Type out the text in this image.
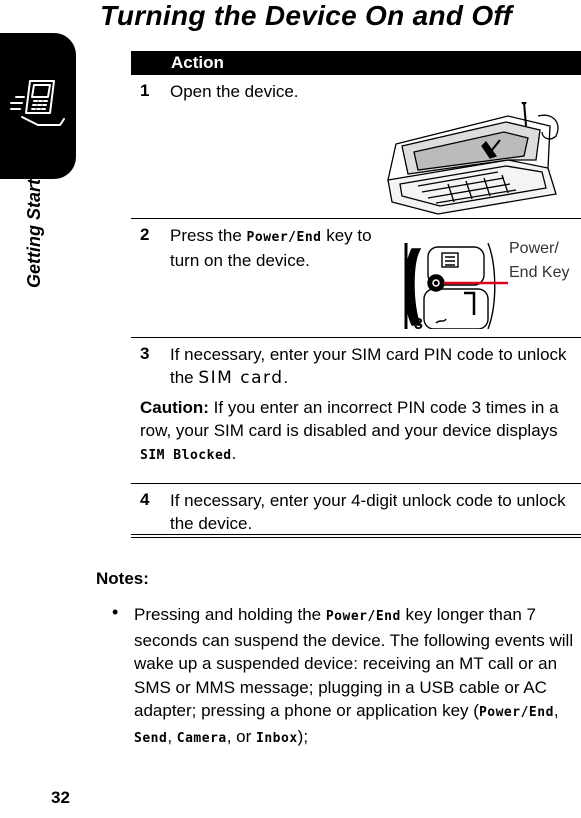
Turning the Device On and Off
Getting Started
Action
1 Open the device.
2 Press the Power/End key to turn on the device.
3
Power/
End Key
3 If necessary, enter your SIM card PIN code to unlock the SIM card.
Caution: If you enter an incorrect PIN code 3 times in a row, your SIM card is disabled and your device displays SIM Blocked.
4 If necessary, enter your 4-digit unlock code to unlock the device.
Notes:
• Pressing and holding the Power/End key longer than 7 seconds can suspend the device. The following events will wake up a suspended device: receiving an MT call or an SMS or MMS message; plugging in a USB cable or AC adapter; pressing a phone or application key (Power/End, Send, Camera, or Inbox);
32
